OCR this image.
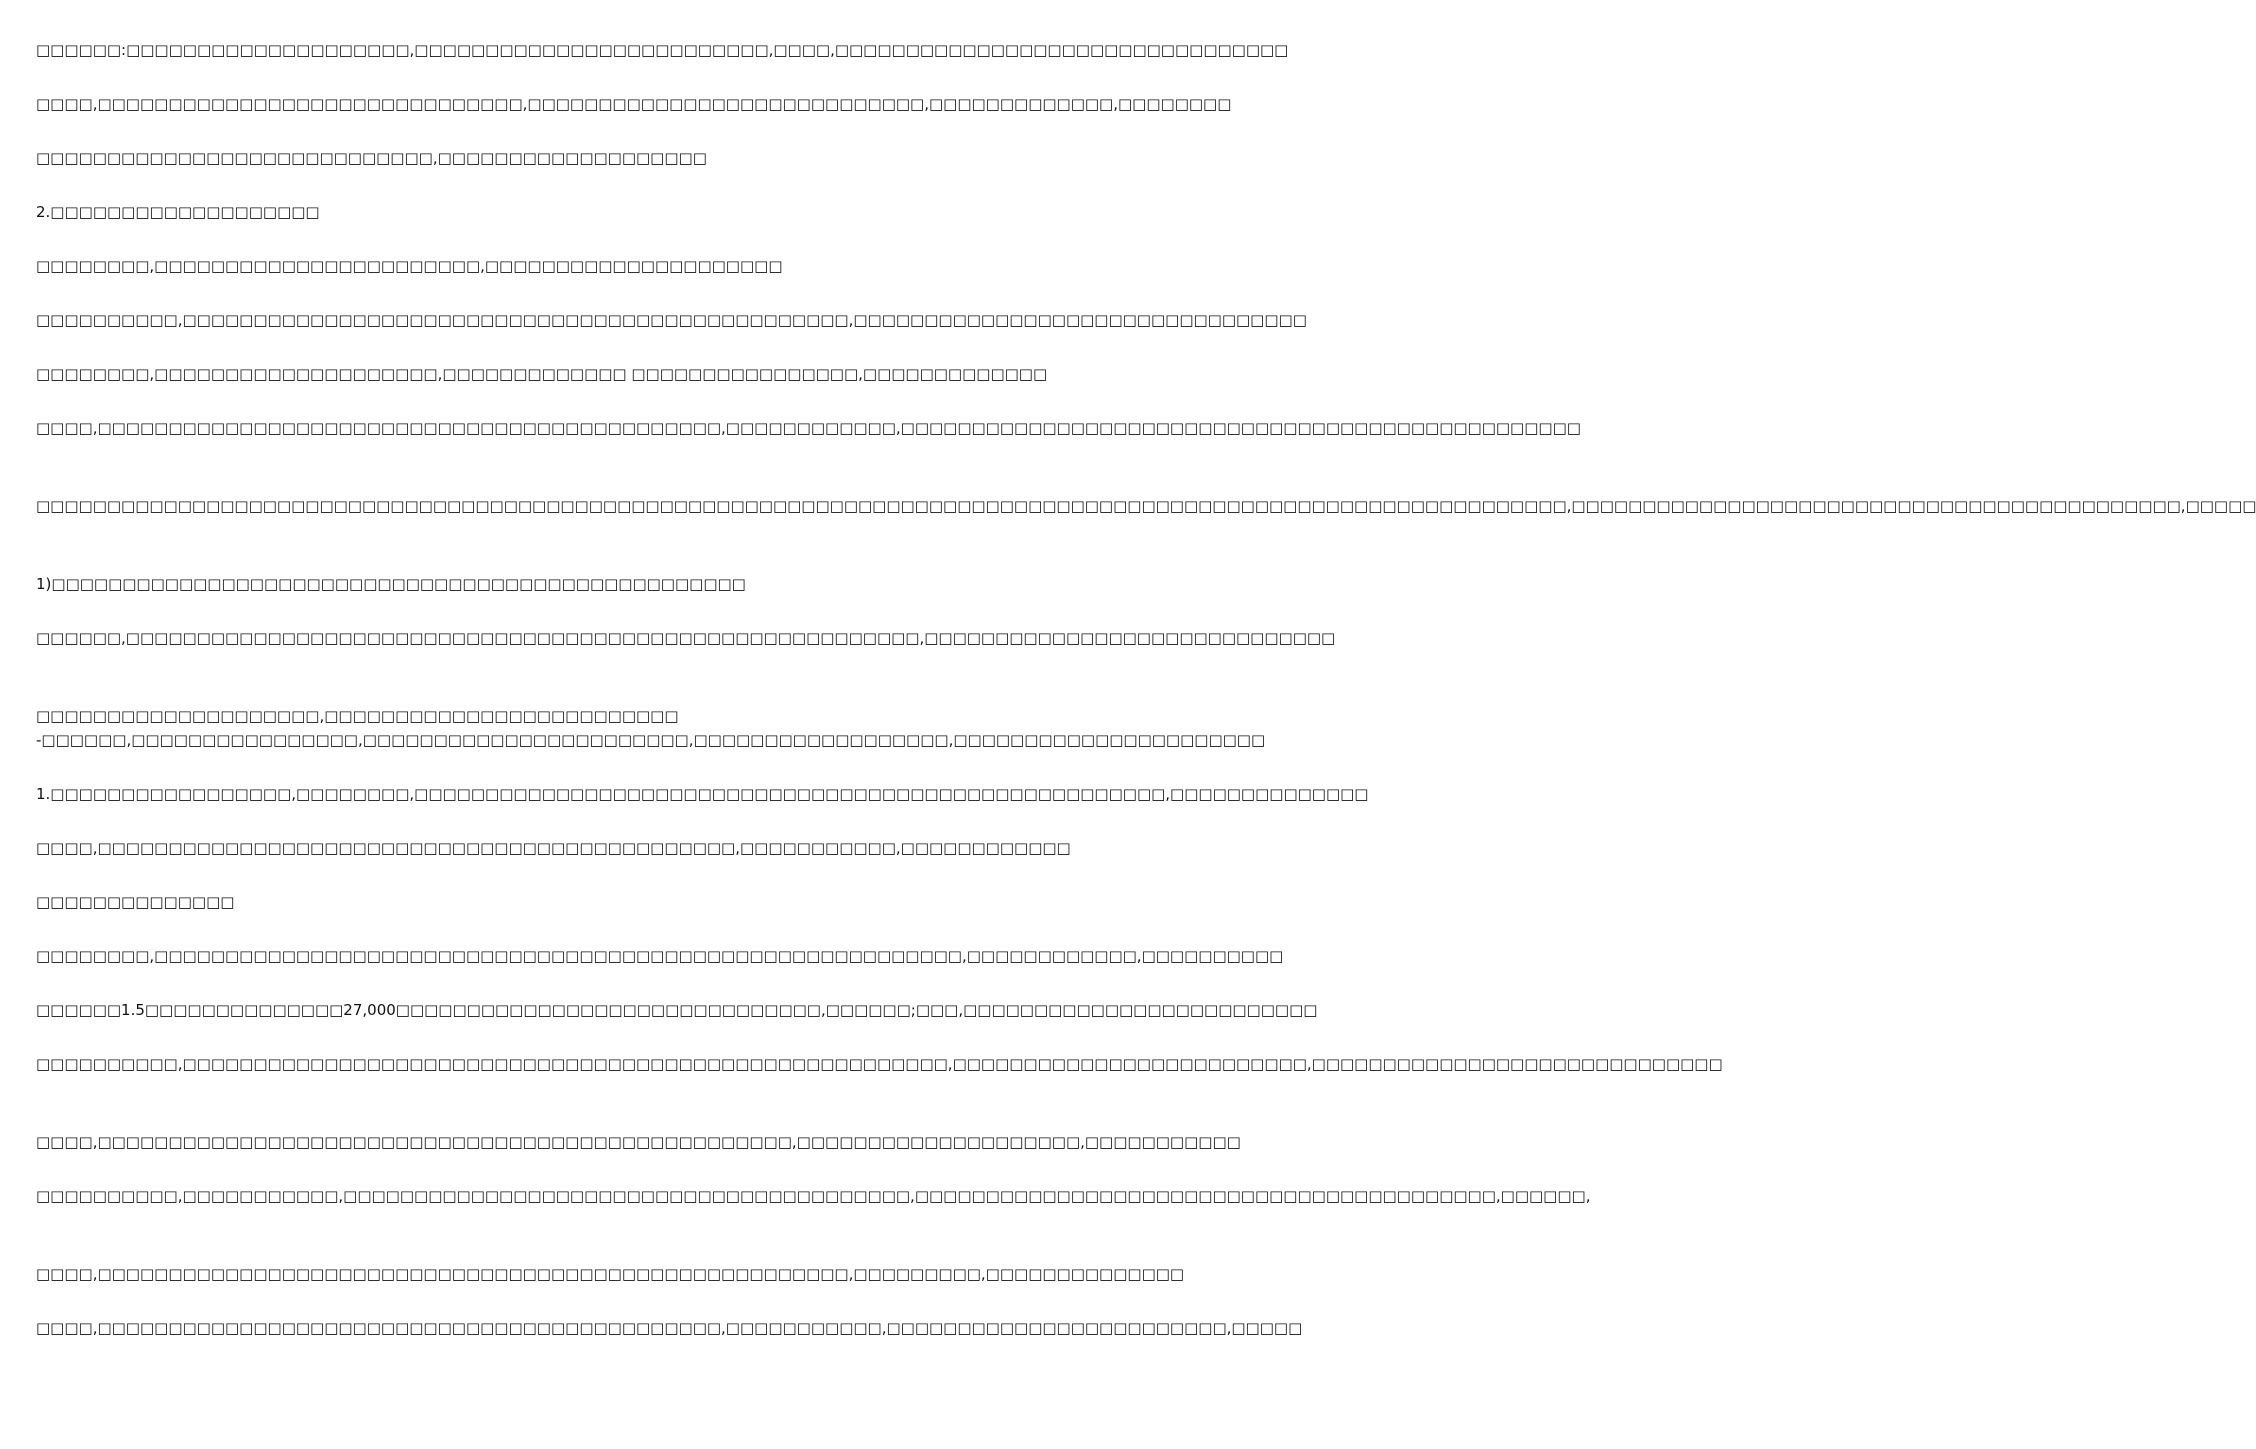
□□□□□□:□□□□□□□□□□□□□□□□□□□□,□□□□□□□□□□□□□□□□□□□□□□□□□,□□□□,□□□□□□□□□□□□□□□□□□□□□□□□□□□□□□□□

□□□□,□□□□□□□□□□□□□□□□□□□□□□□□□□□□□□,□□□□□□□□□□□□□□□□□□□□□□□□□□□□,□□□□□□□□□□□□□,□□□□□□□□

□□□□□□□□□□□□□□□□□□□□□□□□□□□□,□□□□□□□□□□□□□□□□□□□

2.□□□□□□□□□□□□□□□□□□□

□□□□□□□□,□□□□□□□□□□□□□□□□□□□□□□□,□□□□□□□□□□□□□□□□□□□□□

□□□□□□□□□□,□□□□□□□□□□□□□□□□□□□□□□□□□□□□□□□□□□□□□□□□□□□□□□□,□□□□□□□□□□□□□□□□□□□□□□□□□□□□□□□□

□□□□□□□□,□□□□□□□□□□□□□□□□□□□□,□□□□□□□□□□□□□ □□□□□□□□□□□□□□□□,□□□□□□□□□□□□□

□□□□,□□□□□□□□□□□□□□□□□□□□□□□□□□□□□□□□□□□□□□□□□□□□,□□□□□□□□□□□□,□□□□□□□□□□□□□□□□□□□□□□□□□□□□□□□□□□□□□□□□□□□□□□□□

□□□□□□□□□□□□□□□□□□□□□□□□□□□□□□□□□□□□□□□□□□□□□□□□□□□□□□□□□□□□□□□□□□□□□□□□□□□□□□□□□□□□□□□□□□□□□□□□□□□□□□□□□□□□,□□□□□□□□□□□□□□□□□□□□□□□□□□□□□□□□□□□□□□□□□□□,□□□□□

1)□□□□□□□□□□□□□□□□□□□□□□□□□□□□□□□□□□□□□□□□□□□□□□□□□

□□□□□□,□□□□□□□□□□□□□□□□□□□□□□□□□□□□□□□□□□□□□□□□□□□□□□□□□□□□□□□□,□□□□□□□□□□□□□□□□□□□□□□□□□□□□□

□□□□□□□□□□□□□□□□□□□□,□□□□□□□□□□□□□□□□□□□□□□□□□ -□□□□□□,□□□□□□□□□□□□□□□□,□□□□□□□□□□□□□□□□□□□□□□□,□□□□□□□□□□□□□□□□□□,□□□□□□□□□□□□□□□□□□□□□□

1.□□□□□□□□□□□□□□□□□,□□□□□□□□,□□□□□□□□□□□□□□□□□□□□□□□□□□□□□□□□□□□□□□□□□□□□□□□□□□□□□,□□□□□□□□□□□□□□

□□□□,□□□□□□□□□□□□□□□□□□□□□□□□□□□□□□□□□□□□□□□□□□□□□,□□□□□□□□□□□,□□□□□□□□□□□□

□□□□□□□□□□□□□□

□□□□□□□□,□□□□□□□□□□□□□□□□□□□□□□□□□□□□□□□□□□□□□□□□□□□□□□□□□□□□□□□□□,□□□□□□□□□□□□,□□□□□□□□□□

□□□□□□1.5□□□□□□□□□□□□□□27,000□□□□□□□□□□□□□□□□□□□□□□□□□□□□□□,□□□□□□;□□□,□□□□□□□□□□□□□□□□□□□□□□□□□

□□□□□□□□□□,□□□□□□□□□□□□□□□□□□□□□□□□□□□□□□□□□□□□□□□□□□□□□□□□□□□□□□,□□□□□□□□□□□□□□□□□□□□□□□□□,□□□□□□□□□□□□□□□□□□□□□□□□□□□□□

□□□□,□□□□□□□□□□□□□□□□□□□□□□□□□□□□□□□□□□□□□□□□□□□□□□□□□,□□□□□□□□□□□□□□□□□□□□,□□□□□□□□□□□

□□□□□□□□□□,□□□□□□□□□□□,□□□□□□□□□□□□□□□□□□□□□□□□□□□□□□□□□□□□□□□□,□□□□□□□□□□□□□□□□□□□□□□□□□□□□□□□□□□□□□□□□□,□□□□□□,

□□□□,□□□□□□□□□□□□□□□□□□□□□□□□□□□□□□□□□□□□□□□□□□□□□□□□□□□□□,□□□□□□□□□,□□□□□□□□□□□□□□

□□□□,□□□□□□□□□□□□□□□□□□□□□□□□□□□□□□□□□□□□□□□□□□□□,□□□□□□□□□□□,□□□□□□□□□□□□□□□□□□□□□□□□,□□□□□
